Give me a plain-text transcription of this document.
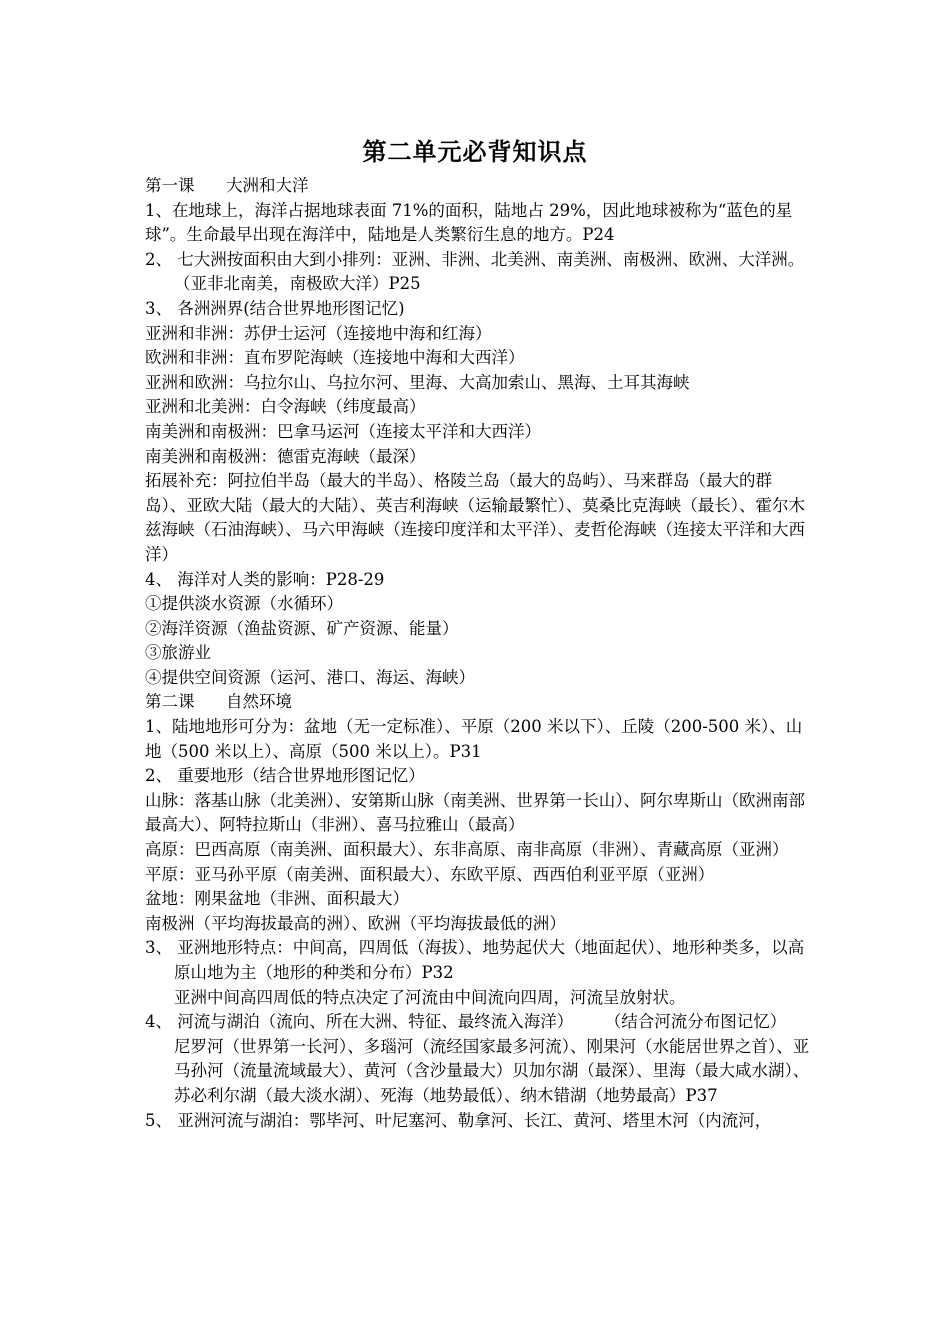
第二单元必背知识点
第一课      大洲和大洋
1、在地球上，海洋占据地球表面 71%的面积，陆地占 29%，因此地球被称为“蓝色的星球”。生命最早出现在海洋中，陆地是人类繁衍生息的地方。P24
2、 七大洲按面积由大到小排列：亚洲、非洲、北美洲、南美洲、南极洲、欧洲、大洋洲。（亚非北南美，南极欧大洋）P25
3、 各洲洲界(结合世界地形图记忆)
亚洲和非洲：苏伊士运河（连接地中海和红海）
欧洲和非洲：直布罗陀海峡（连接地中海和大西洋）
亚洲和欧洲：乌拉尔山、乌拉尔河、里海、大高加索山、黑海、土耳其海峡
亚洲和北美洲：白令海峡（纬度最高）
南美洲和南极洲：巴拿马运河（连接太平洋和大西洋）
南美洲和南极洲：德雷克海峡（最深）
拓展补充：阿拉伯半岛（最大的半岛）、格陵兰岛（最大的岛屿）、马来群岛（最大的群岛）、亚欧大陆（最大的大陆）、英吉利海峡（运输最繁忙）、莫桑比克海峡（最长）、霍尔木兹海峡（石油海峡）、马六甲海峡（连接印度洋和太平洋）、麦哲伦海峡（连接太平洋和大西洋）
4、 海洋对人类的影响：P28-29
①提供淡水资源（水循环）
②海洋资源（渔盐资源、矿产资源、能量）
③旅游业
④提供空间资源（运河、港口、海运、海峡）
第二课      自然环境
1、陆地地形可分为：盆地（无一定标准）、平原（200 米以下）、丘陵（200-500 米）、山地（500 米以上）、高原（500 米以上）。P31
2、 重要地形（结合世界地形图记忆）
山脉：落基山脉（北美洲）、安第斯山脉（南美洲、世界第一长山）、阿尔卑斯山（欧洲南部最高大）、阿特拉斯山（非洲）、喜马拉雅山（最高）
高原：巴西高原（南美洲、面积最大）、东非高原、南非高原（非洲）、青藏高原（亚洲）
平原：亚马孙平原（南美洲、面积最大）、东欧平原、西西伯利亚平原（亚洲）
盆地：刚果盆地（非洲、面积最大）
南极洲（平均海拔最高的洲）、欧洲（平均海拔最低的洲）
3、 亚洲地形特点：中间高，四周低（海拔）、地势起伏大（地面起伏）、地形种类多，以高原山地为主（地形的种类和分布）P32
亚洲中间高四周低的特点决定了河流由中间流向四周，河流呈放射状。
4、 河流与湖泊（流向、所在大洲、特征、最终流入海洋）      （结合河流分布图记忆）
尼罗河（世界第一长河）、多瑙河（流经国家最多河流）、刚果河（水能居世界之首）、亚马孙河（流量流域最大）、黄河（含沙量最大）贝加尔湖（最深）、里海（最大咸水湖）、苏必利尔湖（最大淡水湖）、死海（地势最低）、纳木错湖（地势最高）P37
5、 亚洲河流与湖泊：鄂毕河、叶尼塞河、勒拿河、长江、黄河、塔里木河（内流河，
